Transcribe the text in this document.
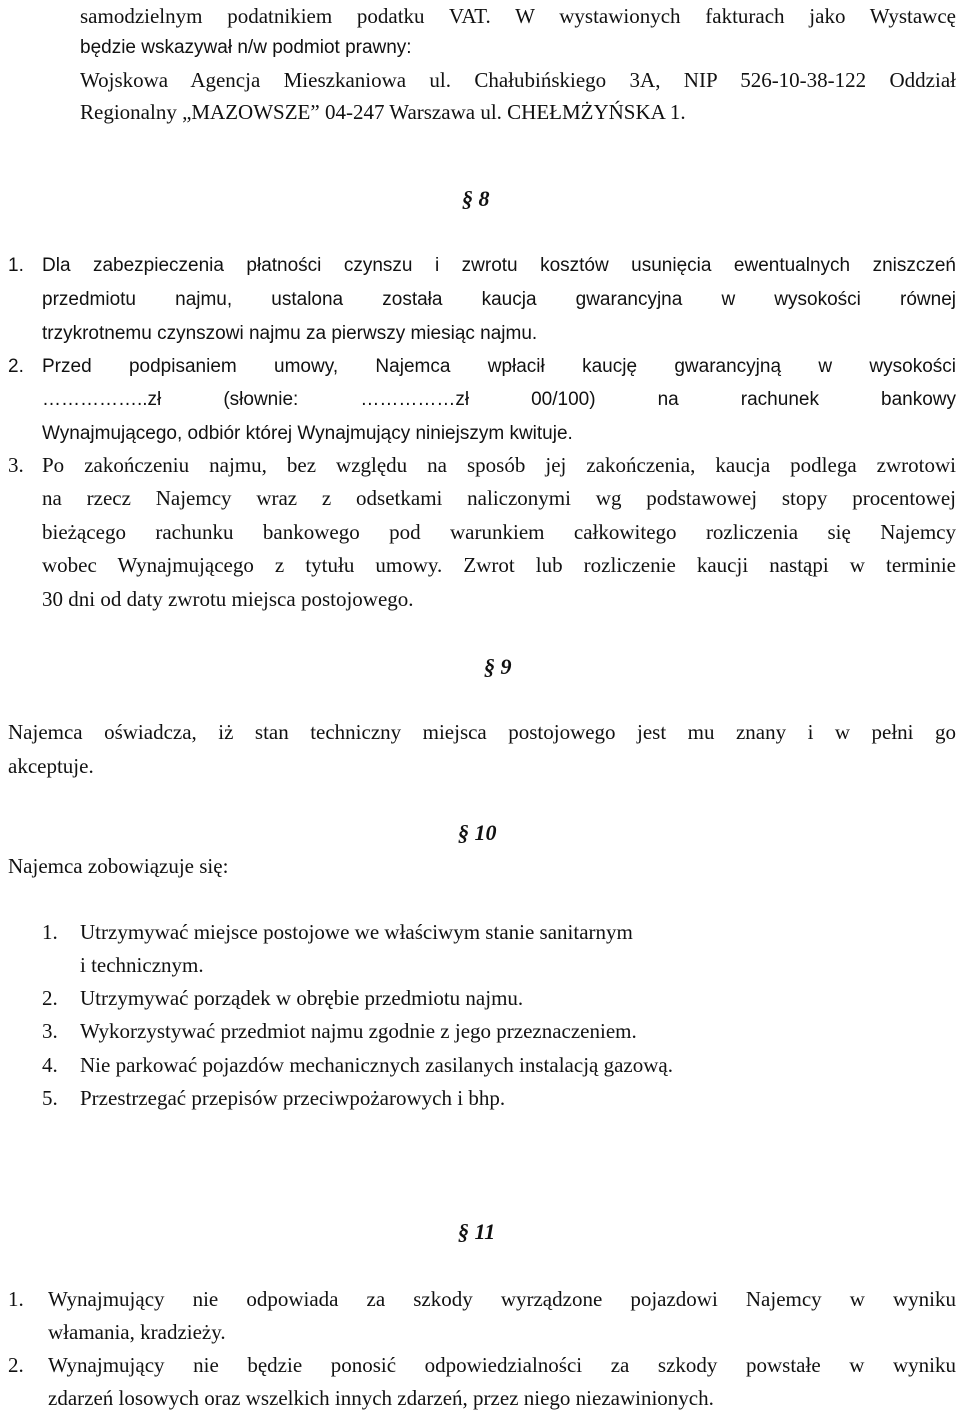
samodzielnym podatnikiem podatku VAT. W wystawionych fakturach jako Wystawcę
będzie wskazywał n/w podmiot prawny:
Wojskowa Agencja Mieszkaniowa ul. Chałubińskiego 3A, NIP 526-10-38-122 Oddział
Regionalny „MAZOWSZE” 04-247 Warszawa ul. CHEŁMŻYŃSKA 1.
§ 8
1. Dla zabezpieczenia płatności czynszu i zwrotu kosztów usunięcia ewentualnych zniszczeń
przedmiotu najmu, ustalona została kaucja gwarancyjna w wysokości równej
trzykrotnemu czynszowi najmu za pierwszy miesiąc najmu.
2. Przed podpisaniem umowy, Najemca wpłacił kaucję gwarancyjną w wysokości
……………..zł (słownie: ……………zł 00/100) na rachunek bankowy
Wynajmującego, odbiór której Wynajmujący niniejszym kwituje.
3. Po zakończeniu najmu, bez względu na sposób jej zakończenia, kaucja podlega zwrotowi
na rzecz Najemcy wraz z odsetkami naliczonymi wg podstawowej stopy procentowej
bieżącego rachunku bankowego pod warunkiem całkowitego rozliczenia się Najemcy
wobec Wynajmującego z tytułu umowy. Zwrot lub rozliczenie kaucji nastąpi w terminie
30 dni od daty zwrotu miejsca postojowego.
§ 9
Najemca oświadcza, iż stan techniczny miejsca postojowego jest mu znany i w pełni go
akceptuje.
§ 10
Najemca zobowiązuje się:
1. Utrzymywać miejsce postojowe we właściwym stanie sanitarnym
i technicznym.
2. Utrzymywać porządek w obrębie przedmiotu najmu.
3. Wykorzystywać przedmiot najmu zgodnie z jego przeznaczeniem.
4. Nie parkować pojazdów mechanicznych zasilanych instalacją gazową.
5. Przestrzegać przepisów przeciwpożarowych i bhp.
§ 11
1. Wynajmujący nie odpowiada za szkody wyrządzone pojazdowi Najemcy w wyniku
włamania, kradzieży.
2. Wynajmujący nie będzie ponosić odpowiedzialności za szkody powstałe w wyniku
zdarzeń losowych oraz wszelkich innych zdarzeń, przez niego niezawinionych.
